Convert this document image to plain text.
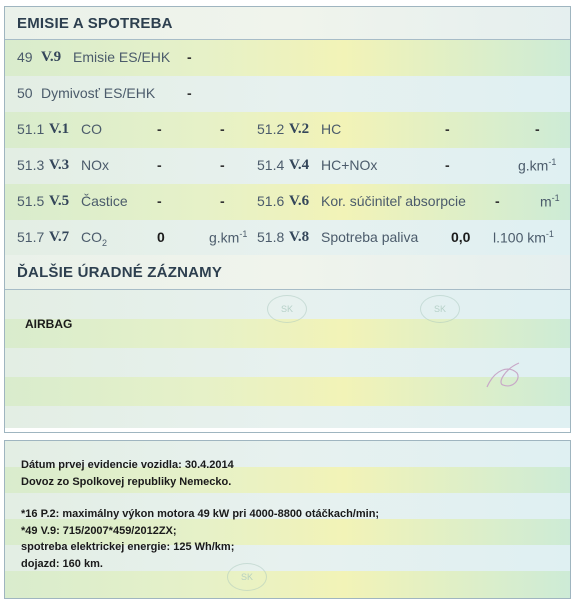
EMISIE A SPOTREBA
49 V.9 Emisie ES/EHK -
50 Dymivosť ES/EHK -
51.1 V.1 CO	-	- 51.2 V.2 HC	-	-
51.3 V.3 NOx	-	- 51.4 V.4 HC+NOx	-	$g.km^{-1}$
51.5 V.5 Častice -	- 51.6 V.6 Kor. súčiniteľ absorpcie -	$m^{-1}$
51.7 V.7 $CO_2$	0	$g.km^{-1}$ 51.8 V.8 Spotreba paliva 0,0 l.100 $km^{-1}$
ĎALŠIE ÚRADNÉ ZÁZNAMY
AIRBAG
SK	SK
Dátum prvej evidencie vozidla: 30.4.2014
Dovoz zo Spolkovej republiky Nemecko.
*16 P.2: maximálny výkon motora 49 kW pri 4000-8800 otáčkach/min;
*49 V.9: 715/2007*459/2012ZX;
spotreba elektrickej energie: 125 Wh/km;
dojazd: 160 km.
SK
